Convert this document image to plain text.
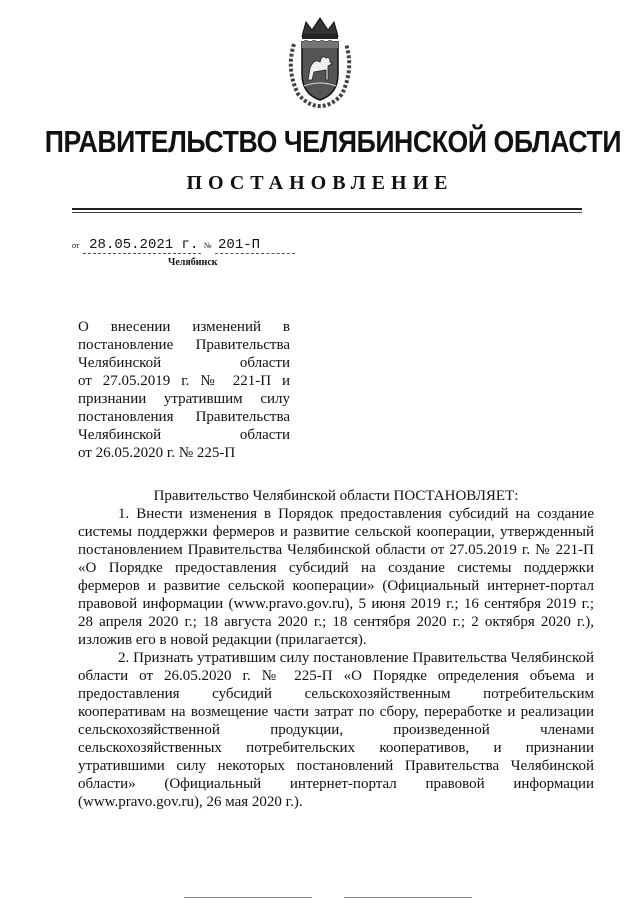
ПРАВИТЕЛЬСТВО ЧЕЛЯБИНСКОЙ ОБЛАСТИ
ПОСТАНОВЛЕНИЕ
от 28.05.2021 г. № 201-П
Челябинск
О внесении изменений в
постановление Правительства
Челябинской области
от 27.05.2019 г. № 221-П и
признании утратившим силу
постановления Правительства
Челябинской области
от 26.05.2020 г. № 225-П
Правительство Челябинской области ПОСТАНОВЛЯЕТ:
1. Внести изменения в Порядок предоставления субсидий на создание системы поддержки фермеров и развитие сельской кооперации, утвержденный постановлением Правительства Челябинской области от 27.05.2019 г. № 221-П «О Порядке предоставления субсидий на создание системы поддержки фермеров и развитие сельской кооперации» (Официальный интернет-портал правовой информации (www.pravo.gov.ru), 5 июня 2019 г.; 16 сентября 2019 г.; 28 апреля 2020 г.; 18 августа 2020 г.; 18 сентября 2020 г.; 2 октября 2020 г.), изложив его в новой редакции (прилагается).
2. Признать утратившим силу постановление Правительства Челябинской области от 26.05.2020 г. № 225-П «О Порядке определения объема и предоставления субсидий сельскохозяйственным потребительским кооперативам на возмещение части затрат по сбору, переработке и реализации сельскохозяйственной продукции, произведенной членами сельскохозяйственных потребительских кооперативов, и признании утратившими силу некоторых постановлений Правительства Челябинской области» (Официальный интернет-портал правовой информации (www.pravo.gov.ru), 26 мая 2020 г.).
